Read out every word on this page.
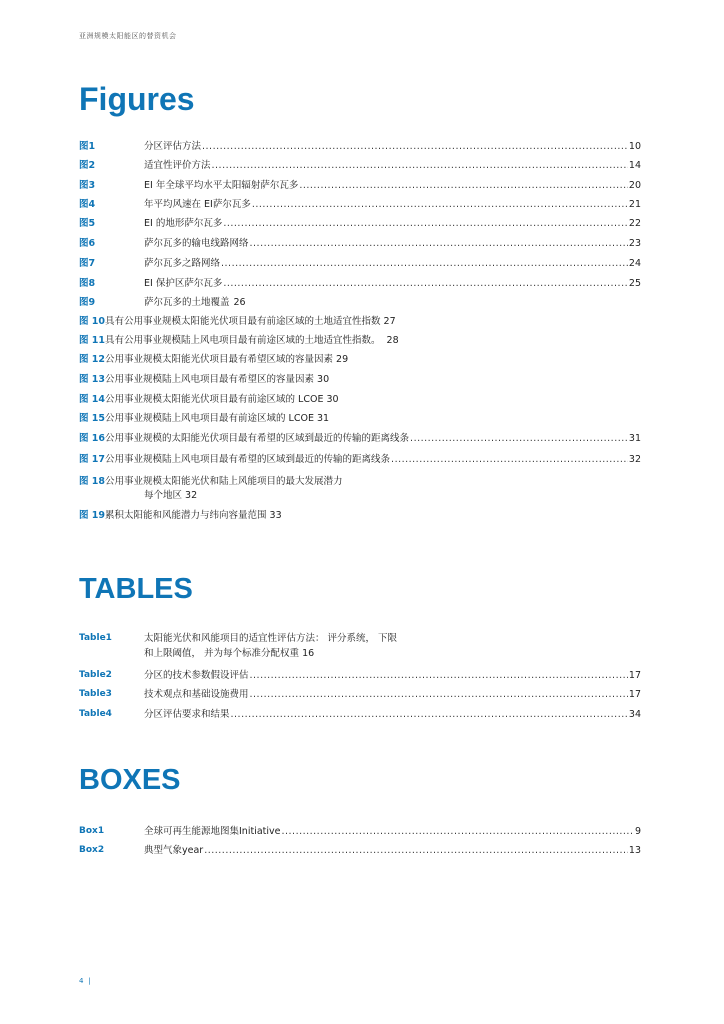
亚洲规模太阳能区的替资机会
Figures
图1	分区评估方法 .....	10
图2	适宜性评价方法 .....	14
图3	EI 年全球平均水平太阳辐射萨尔瓦多 .....	20
图4	年平均风速在 EI萨尔瓦多 .....	21
图5	EI 的地形萨尔瓦多 .....	22
图6	萨尔瓦多的输电线路网络 .....	23
图7	萨尔瓦多之路网络 .....	24
图8	EI 保护区萨尔瓦多 .....	25
图9	萨尔瓦多的土地覆盖 26
图 10具有公用事业规模太阳能光伏项目最有前途区域的土地适宜性指数 27
图 11具有公用事业规模陆上风电项目最有前途区域的土地适宜性指数。 28
图 12公用事业规模太阳能光伏项目最有希望区域的容量因素 29
图 13公用事业规模陆上风电项目最有希望区的容量因素 30
图 14公用事业规模太阳能光伏项目最有前途区域的 LCOE 30
图 15公用事业规模陆上风电项目最有前途区域的 LCOE 31
图 16 公用事业规模的太阳能光伏项目最有希望的区域到最近的传输的距离线条 .....	31
图 17 公用事业规模陆上风电项目最有希望的区域到最近的传输的距离线条 .....	32
图 18公用事业规模太阳能光伏和陆上风能项目的最大发展潜力
每个地区 32
图 19累积太阳能和风能潜力与纬向容量范围 33
TABLES
Table1	太阳能光伏和风能项目的适宜性评估方法： 评分系统， 下限
和上限阈值， 并为每个标准分配权重 16
Table2	分区的技术参数假设评估 .....	17
Table3	技术观点和基础设施费用 .....	17
Table4	分区评估要求和结果 .....	34
BOXES
Box1	全球可再生能源地图集Initiative .....	9
Box2	典型气象year .....	13
4 |
